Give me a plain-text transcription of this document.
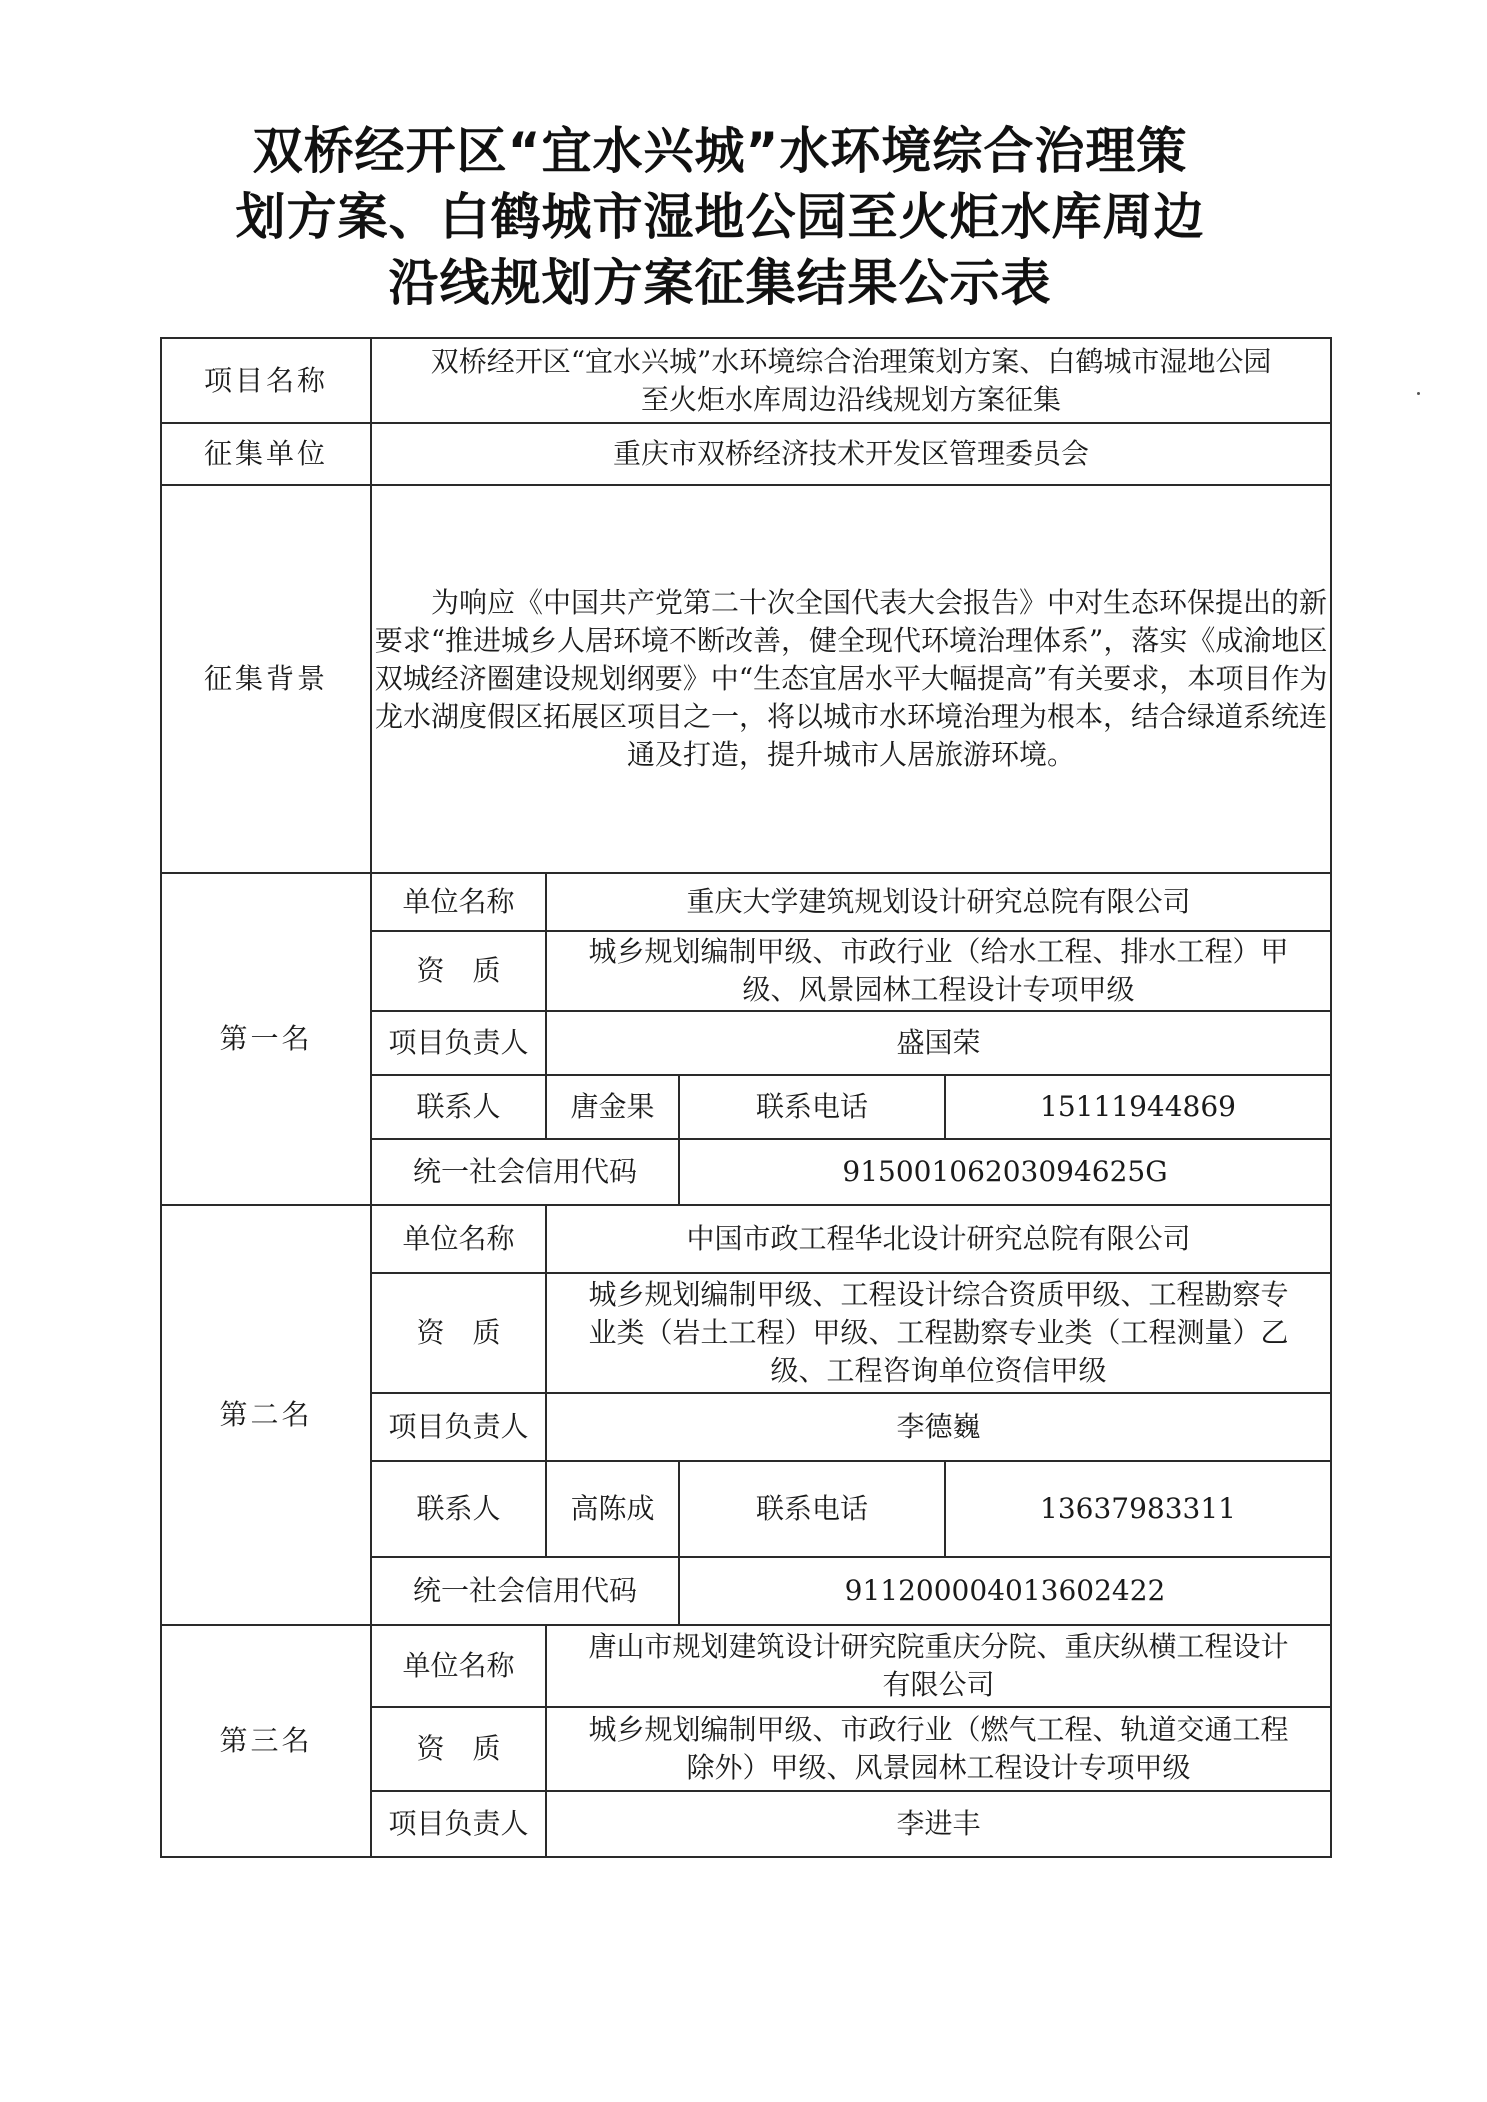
双桥经开区“宜水兴城”水环境综合治理策
划方案、白鹤城市湿地公园至火炬水库周边
沿线规划方案征集结果公示表
项目名称	双桥经开区“宜水兴城”水环境综合治理策划方案、白鹤城市湿地公园
至火炬水库周边沿线规划方案征集			

征集单位	重庆市双桥经济技术开发区管理委员会			
征集背景	为响应《中国共产党第二十次全国代表大会报告》中对生态环保提出的新要求“推进城乡人居环境不断改善，健全现代环境治理体系”，落实《成渝地区双城经济圈建设规划纲要》中“生态宜居水平大幅提高”有关要求，本项目作为龙水湖度假区拓展区项目之一，将以城市水环境治理为根本，结合绿道系统连通及打造，提升城市人居旅游环境。			
第一名	单位名称	重庆大学建筑规划设计研究总院有限公司		
	资　质	城乡规划编制甲级、市政行业（给水工程、排水工程）甲
级、风景园林工程设计专项甲级		

	项目负责人	盛国荣		
	联系人	唐金果	联系电话	15111944869
	统一社会信用代码		91500106203094625G	
第二名	单位名称	中国市政工程华北设计研究总院有限公司		
	资　质	城乡规划编制甲级、工程设计综合资质甲级、工程勘察专
业类（岩土工程）甲级、工程勘察专业类（工程测量）乙
级、工程咨询单位资信甲级		

	项目负责人	李德巍		
	联系人	高陈成	联系电话	13637983311
	统一社会信用代码		911200004013602422	
第三名	单位名称	唐山市规划建筑设计研究院重庆分院、重庆纵横工程设计
有限公司		

	资　质	城乡规划编制甲级、市政行业（燃气工程、轨道交通工程
除外）甲级、风景园林工程设计专项甲级		

	项目负责人	李进丰		
